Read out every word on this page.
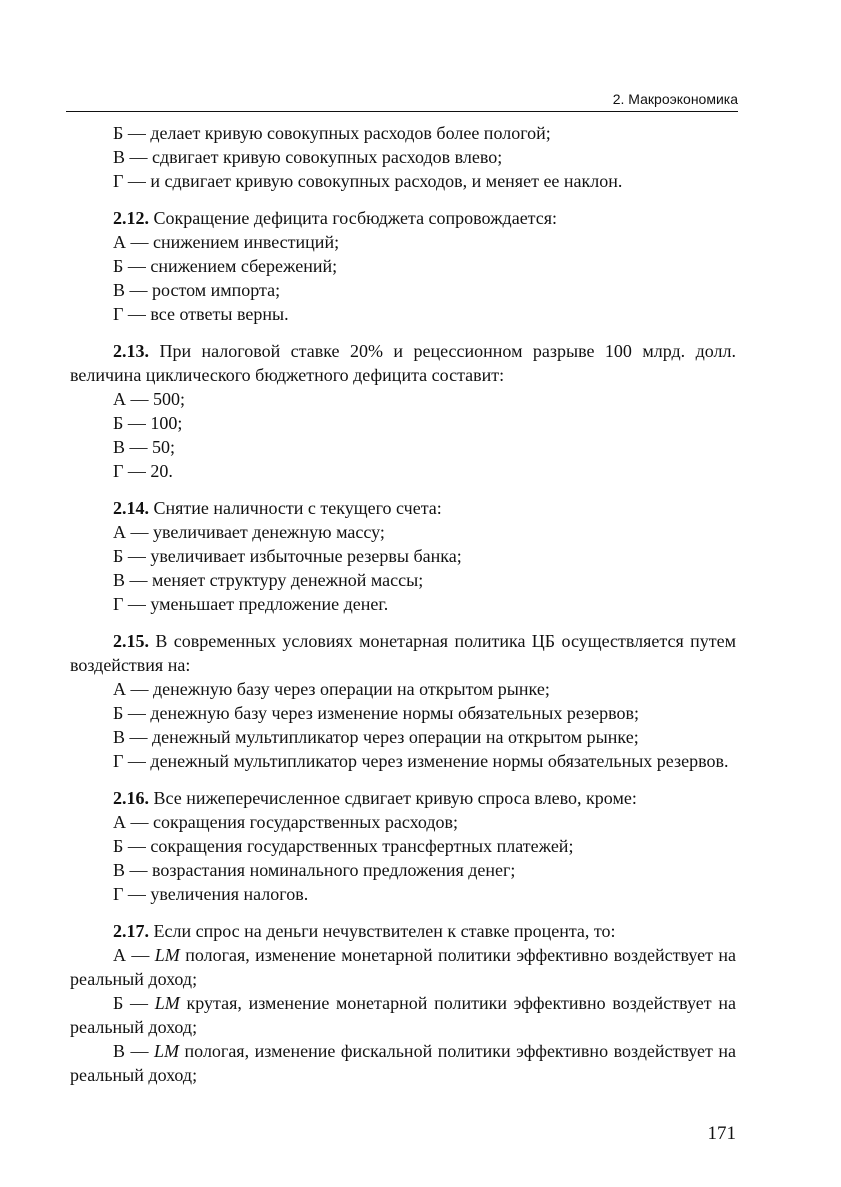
2. Макроэкономика

Б — делает кривую совокупных расходов более пологой;

В — сдвигает кривую совокупных расходов влево;

Г — и сдвигает кривую совокупных расходов, и меняет ее наклон.

2.12. Сокращение дефицита госбюджета сопровождается:

А — снижением инвестиций;

Б — снижением сбережений;

В — ростом импорта;

Г — все ответы верны.

2.13. При налоговой ставке 20% и рецессионном разрыве 100 млрд. долл. величина циклического бюджетного дефицита составит:

А — 500;

Б — 100;

В — 50;

Г — 20.

2.14. Снятие наличности с текущего счета:

А — увеличивает денежную массу;

Б — увеличивает избыточные резервы банка;

В — меняет структуру денежной массы;

Г — уменьшает предложение денег.

2.15. В современных условиях монетарная политика ЦБ осуществляется путем воздействия на:

А — денежную базу через операции на открытом рынке;

Б — денежную базу через изменение нормы обязательных резервов;

В — денежный мультипликатор через операции на открытом рынке;

Г — денежный мультипликатор через изменение нормы обязательных резервов.

2.16. Все нижеперечисленное сдвигает кривую спроса влево, кроме:

А — сокращения государственных расходов;

Б — сокращения государственных трансфертных платежей;

В — возрастания номинального предложения денег;

Г — увеличения налогов.

2.17. Если спрос на деньги нечувствителен к ставке процента, то:

А — LM пологая, изменение монетарной политики эффективно воздействует на реальный доход;

Б — LM крутая, изменение монетарной политики эффективно воздействует на реальный доход;

В — LM пологая, изменение фискальной политики эффективно воздействует на реальный доход;

171
